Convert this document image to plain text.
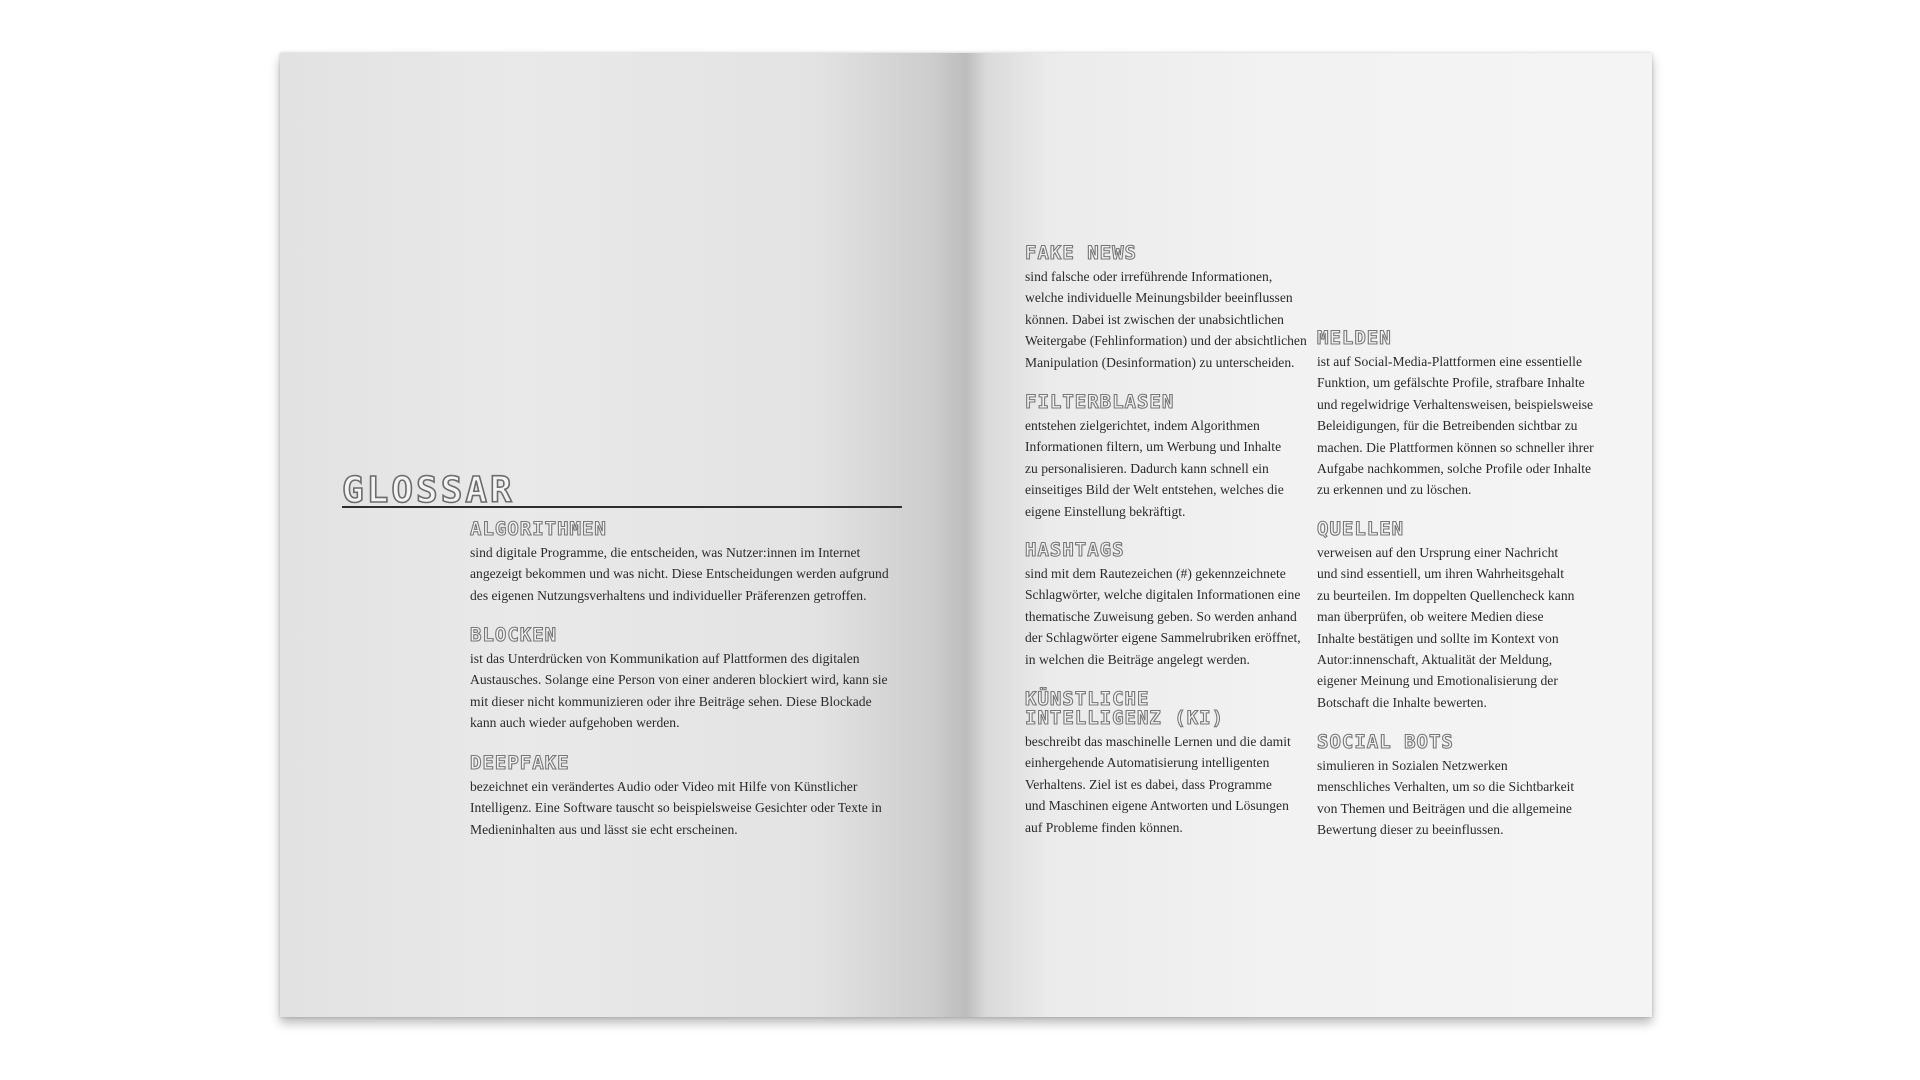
GLOSSAR
ALGORITHMEN

sind digitale Programme, die entscheiden, was Nutzer:innen im Internet
angezeigt bekommen und was nicht. Diese Entscheidungen werden aufgrund
des eigenen Nutzungsverhaltens und individueller Präferenzen getroffen.

BLOCKEN

ist das Unterdrücken von Kommunikation auf Plattformen des digitalen
Austausches. Solange eine Person von einer anderen blockiert wird, kann sie
mit dieser nicht kommunizieren oder ihre Beiträge sehen. Diese Blockade
kann auch wieder aufgehoben werden.

DEEPFAKE

bezeichnet ein verändertes Audio oder Video mit Hilfe von Künstlicher
Intelligenz. Eine Software tauscht so beispielsweise Gesichter oder Texte in
Medieninhalten aus und lässt sie echt erscheinen.

FAKE NEWS

sind falsche oder irreführende Informationen,
welche individuelle Meinungsbilder beeinflussen
können. Dabei ist zwischen der unabsichtlichen
Weitergabe (Fehlinformation) und der absichtlichen
Manipulation (Desinformation) zu unterscheiden.

FILTERBLASEN

entstehen zielgerichtet, indem Algorithmen
Informationen filtern, um Werbung und Inhalte
zu personalisieren. Dadurch kann schnell ein
einseitiges Bild der Welt entstehen, welches die
eigene Einstellung bekräftigt.

HASHTAGS

sind mit dem Rautezeichen (#) gekennzeichnete
Schlagwörter, welche digitalen Informationen eine
thematische Zuweisung geben. So werden anhand
der Schlagwörter eigene Sammelrubriken eröffnet,
in welchen die Beiträge angelegt werden.

KÜNSTLICHE
INTELLIGENZ (KI)

beschreibt das maschinelle Lernen und die damit
einhergehende Automatisierung intelligenten
Verhaltens. Ziel ist es dabei, dass Programme
und Maschinen eigene Antworten und Lösungen
auf Probleme finden können.

MELDEN

ist auf Social-Media-Plattformen eine essentielle
Funktion, um gefälschte Profile, strafbare Inhalte
und regelwidrige Verhaltensweisen, beispielsweise
Beleidigungen, für die Betreibenden sichtbar zu
machen. Die Plattformen können so schneller ihrer
Aufgabe nachkommen, solche Profile oder Inhalte
zu erkennen und zu löschen.

QUELLEN

verweisen auf den Ursprung einer Nachricht
und sind essentiell, um ihren Wahrheitsgehalt
zu beurteilen. Im doppelten Quellencheck kann
man überprüfen, ob weitere Medien diese
Inhalte bestätigen und sollte im Kontext von
Autor:innenschaft, Aktualität der Meldung,
eigener Meinung und Emotionalisierung der
Botschaft die Inhalte bewerten.

SOCIAL BOTS

simulieren in Sozialen Netzwerken
menschliches Verhalten, um so die Sichtbarkeit
von Themen und Beiträgen und die allgemeine
Bewertung dieser zu beeinflussen.
